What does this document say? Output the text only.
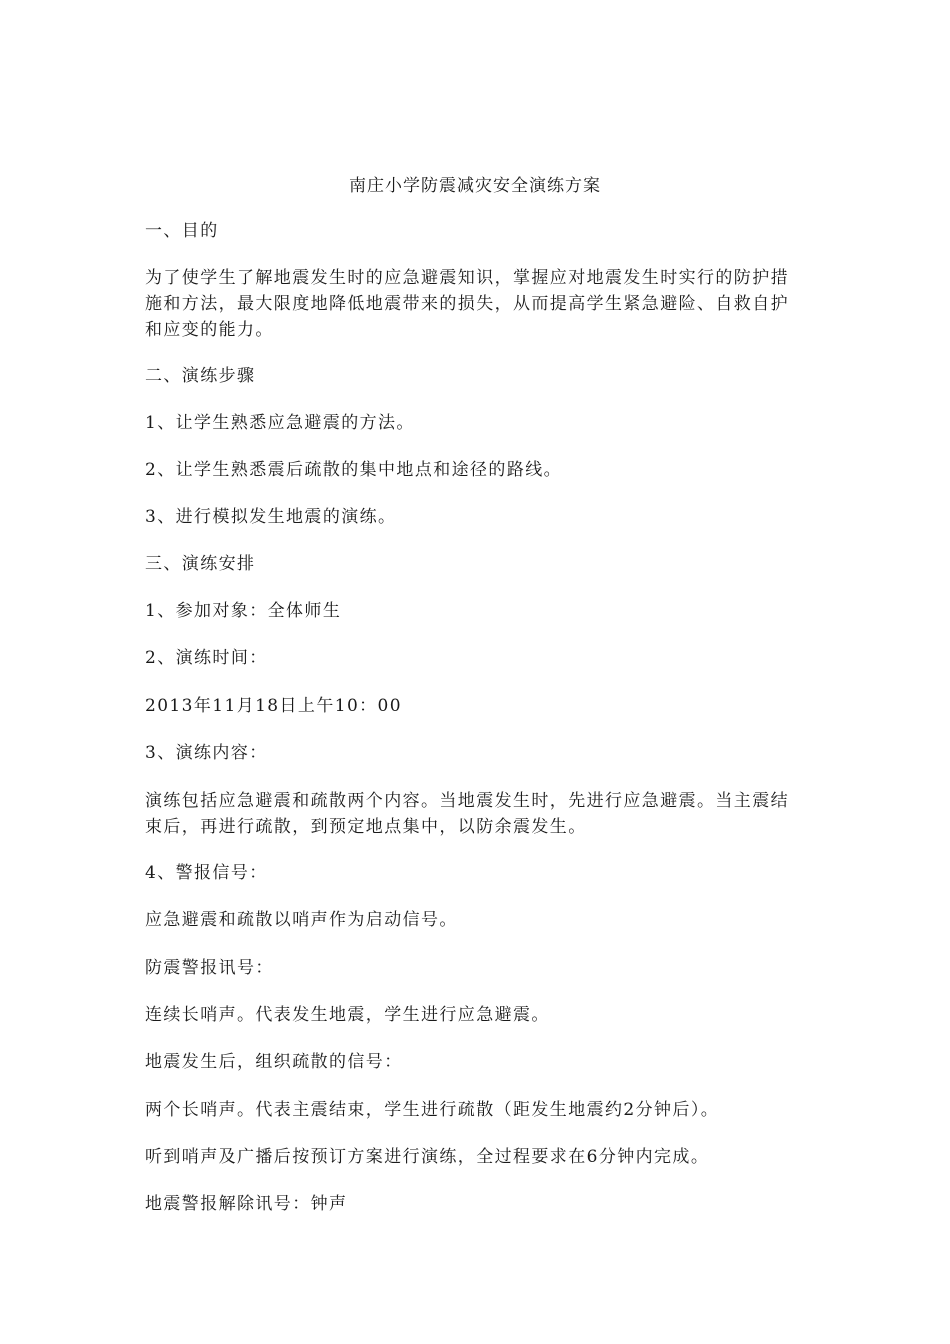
南庄小学防震减灾安全演练方案
一、目的
为了使学生了解地震发生时的应急避震知识，掌握应对地震发生时实行的防护措施和方法，最大限度地降低地震带来的损失，从而提高学生紧急避险、自救自护和应变的能力。
二、演练步骤
1、让学生熟悉应急避震的方法。
2、让学生熟悉震后疏散的集中地点和途径的路线。
3、进行模拟发生地震的演练。
三、演练安排
1、参加对象：全体师生
2、演练时间：
2013年11月18日上午10：00
3、演练内容：
演练包括应急避震和疏散两个内容。当地震发生时，先进行应急避震。当主震结束后，再进行疏散，到预定地点集中，以防余震发生。
4、警报信号：
应急避震和疏散以哨声作为启动信号。
防震警报讯号：
连续长哨声。代表发生地震，学生进行应急避震。
地震发生后，组织疏散的信号：
两个长哨声。代表主震结束，学生进行疏散（距发生地震约2分钟后）。
听到哨声及广播后按预订方案进行演练，全过程要求在6分钟内完成。
地震警报解除讯号：钟声
